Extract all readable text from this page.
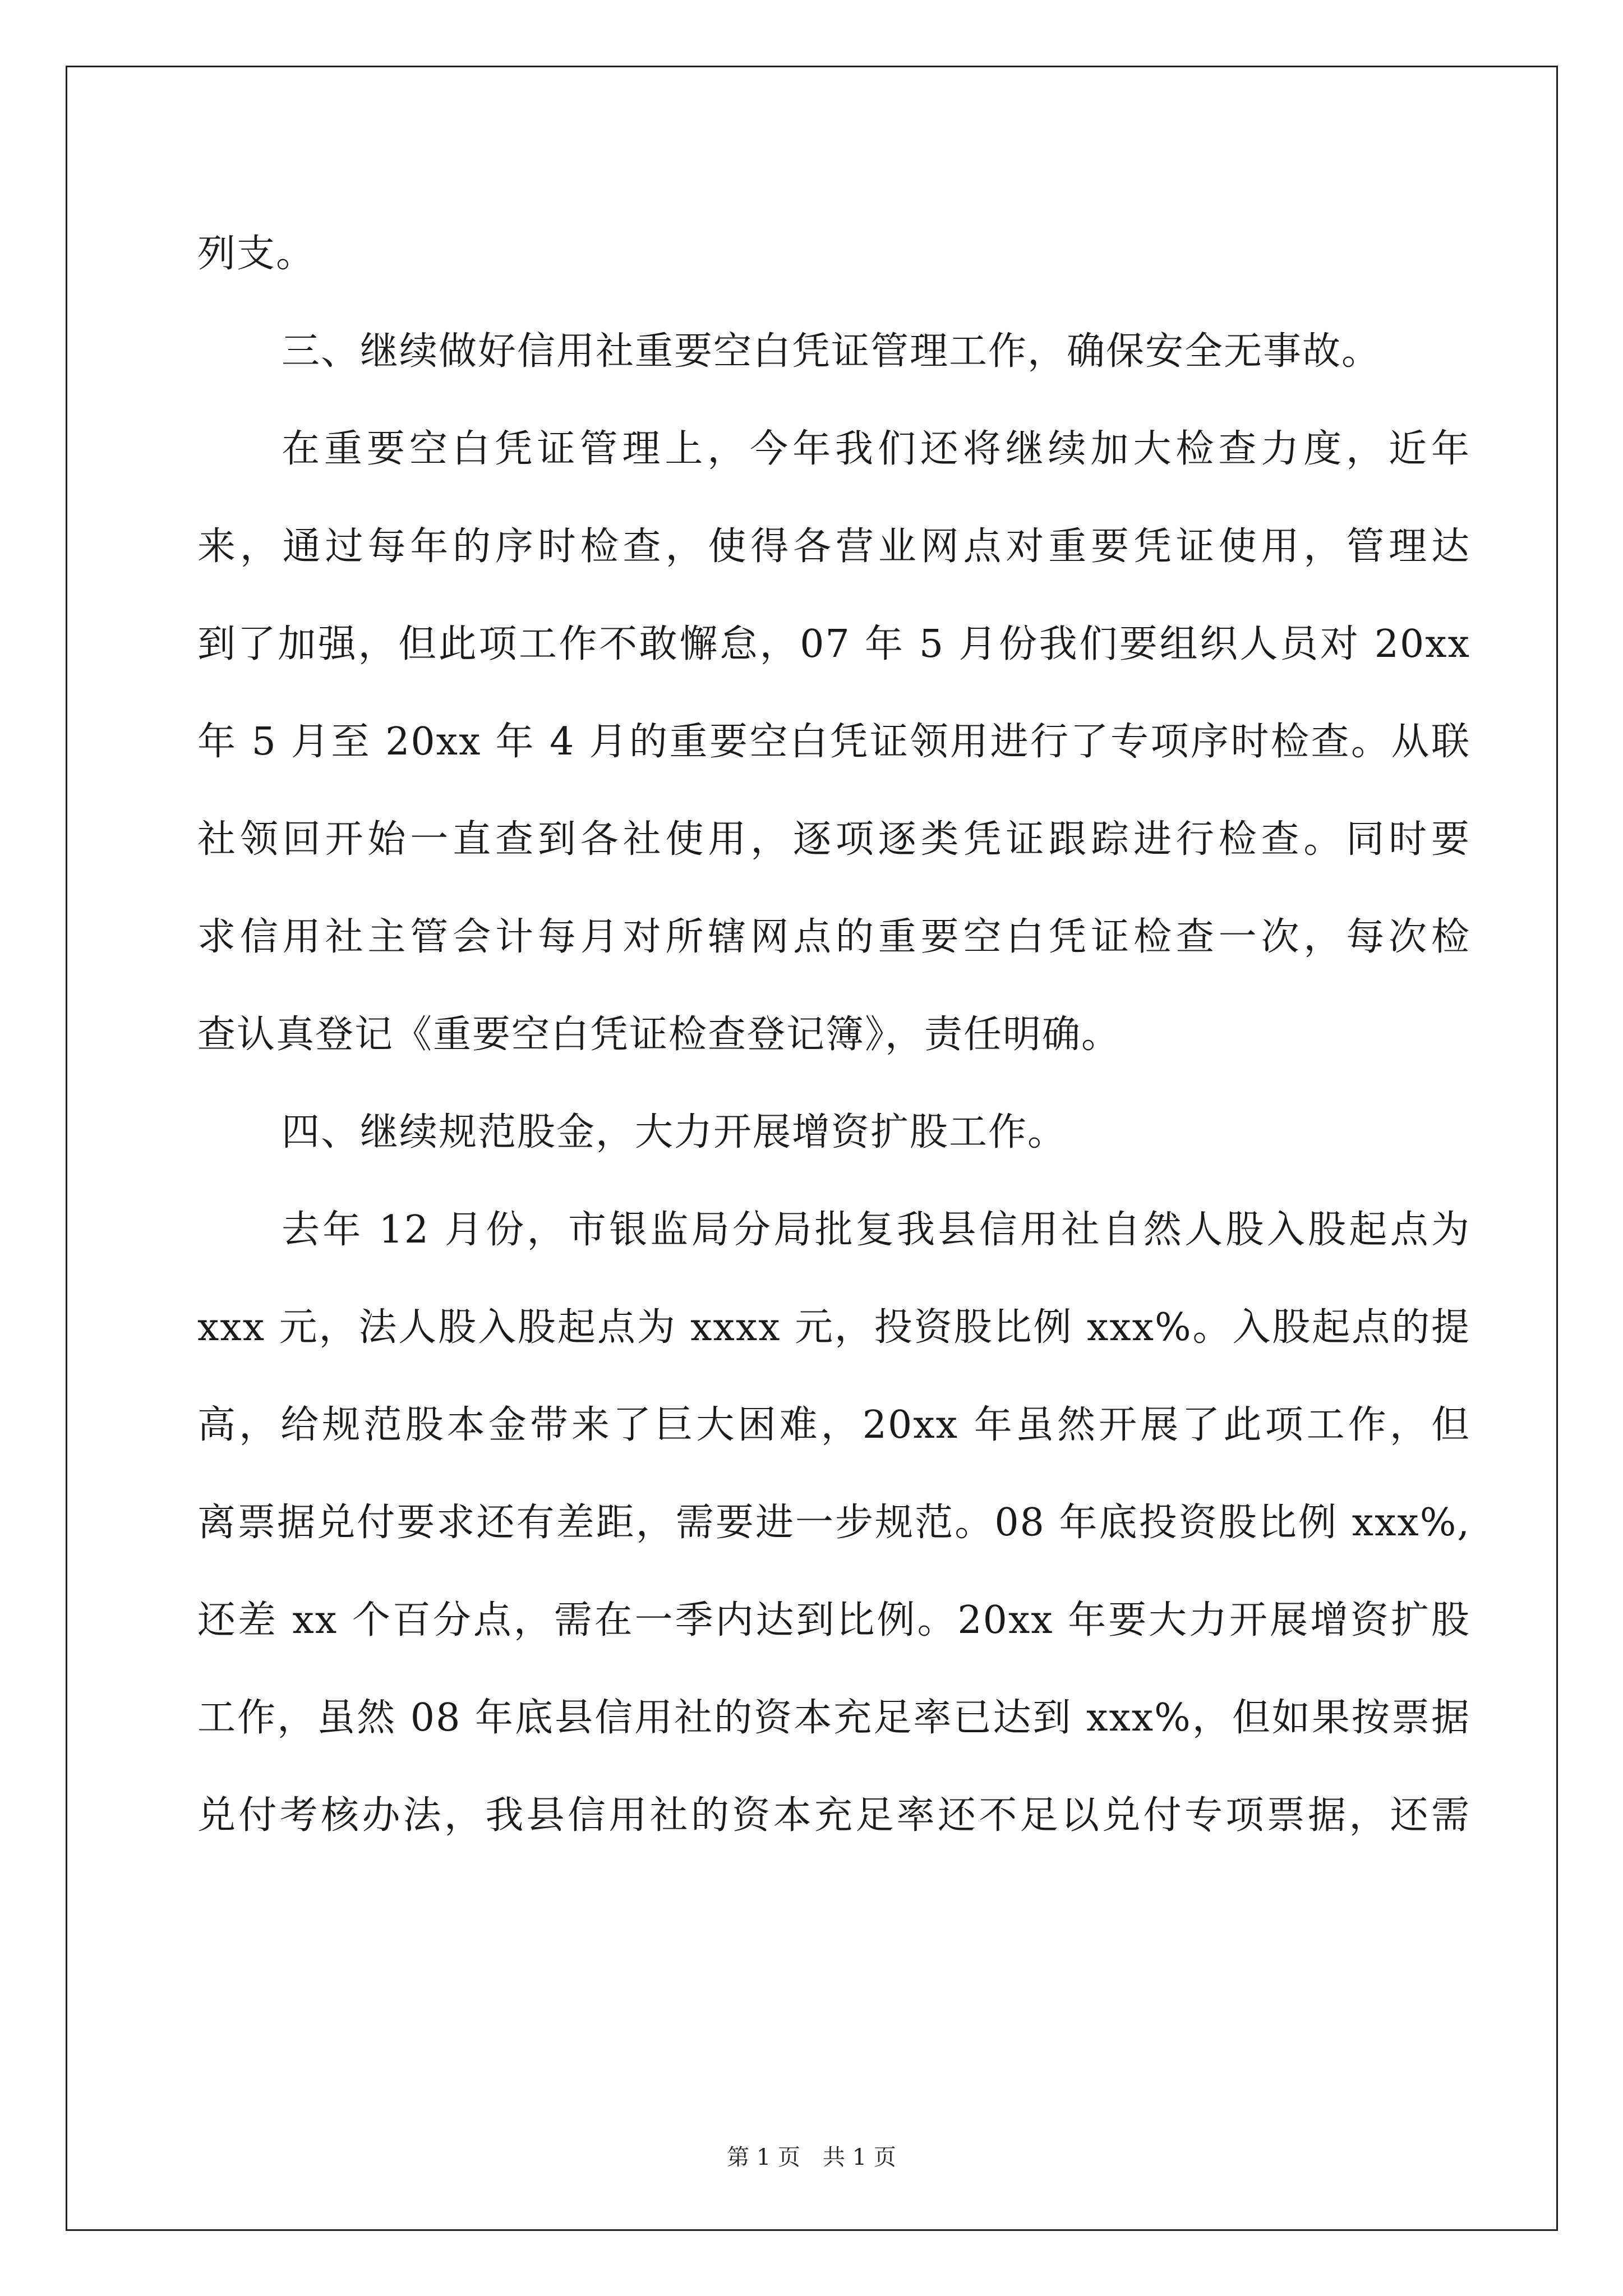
列支。
三、继续做好信用社重要空白凭证管理工作，确保安全无事故。
在重要空白凭证管理上，今年我们还将继续加大检查力度，近年
来，通过每年的序时检查，使得各营业网点对重要凭证使用，管理达
到了加强，但此项工作不敢懈怠，07 年 5 月份我们要组织人员对 20xx
年 5 月至 20xx 年 4 月的重要空白凭证领用进行了专项序时检查。从联
社领回开始一直查到各社使用，逐项逐类凭证跟踪进行检查。同时要
求信用社主管会计每月对所辖网点的重要空白凭证检查一次，每次检
查认真登记《重要空白凭证检查登记簿》，责任明确。
四、继续规范股金，大力开展增资扩股工作。
去年 12 月份，市银监局分局批复我县信用社自然人股入股起点为
xxx 元，法人股入股起点为 xxxx 元，投资股比例 xxx%。入股起点的提
高，给规范股本金带来了巨大困难，20xx 年虽然开展了此项工作，但
离票据兑付要求还有差距，需要进一步规范。08 年底投资股比例 xxx%,
还差 xx 个百分点，需在一季内达到比例。20xx 年要大力开展增资扩股
工作，虽然 08 年底县信用社的资本充足率已达到 xxx%，但如果按票据
兑付考核办法，我县信用社的资本充足率还不足以兑付专项票据，还需
第 1 页　共 1 页
